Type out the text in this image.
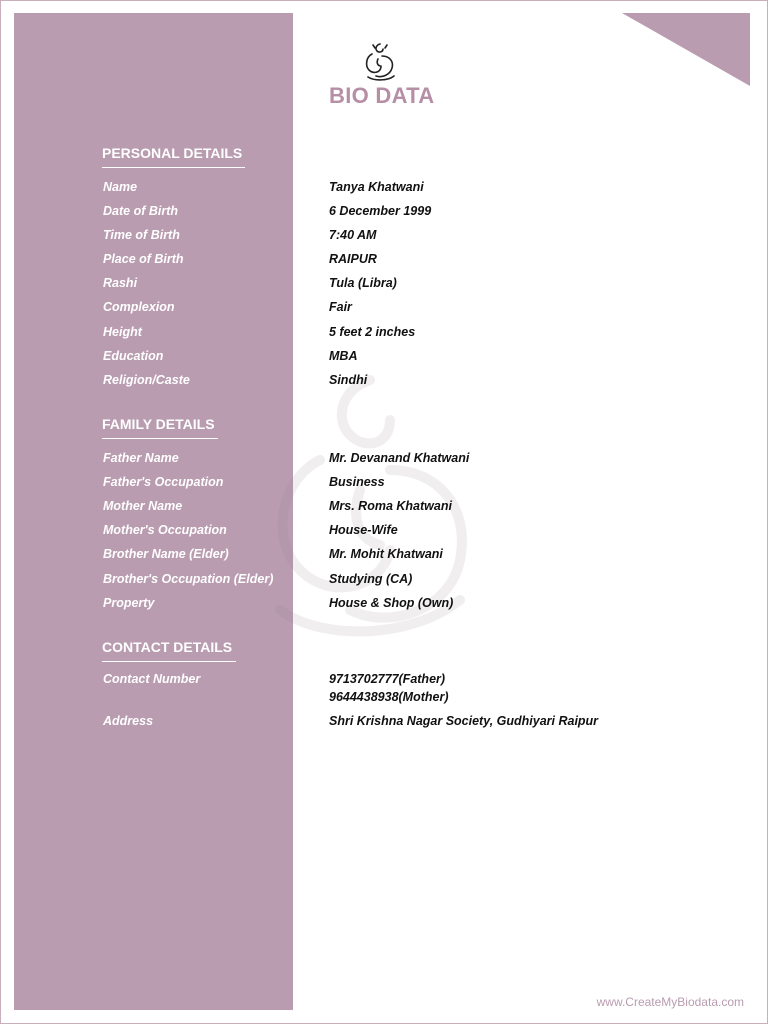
BIO DATA
PERSONAL DETAILS
Name	Tanya Khatwani
Date of Birth	6 December 1999
Time of Birth	7:40 AM
Place of Birth	RAIPUR
Rashi	Tula (Libra)
Complexion	Fair
Height	5 feet 2 inches
Education	MBA
Religion/Caste	Sindhi
FAMILY DETAILS
Father Name	Mr. Devanand Khatwani
Father's Occupation	Business
Mother Name	Mrs. Roma Khatwani
Mother's Occupation	House-Wife
Brother Name (Elder)	Mr. Mohit Khatwani
Brother's Occupation (Elder)	Studying (CA)
Property	House & Shop (Own)
CONTACT DETAILS
Contact Number	9713702777(Father)
9644438938(Mother)
Address	Shri Krishna Nagar Society, Gudhiyari Raipur
www.CreateMyBiodata.com
